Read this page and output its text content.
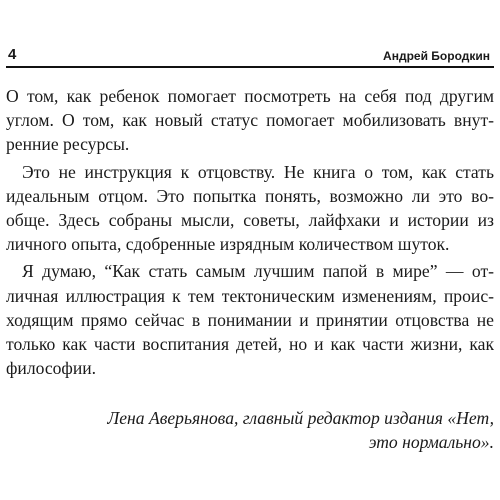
4	Андрей Бородкин
О том, как ребенок помогает посмотреть на себя под другим
углом. О том, как новый статус помогает мобилизовать внут-
ренние ресурсы.
Это не инструкция к отцовству. Не книга о том, как стать
идеальным отцом. Это попытка понять, возможно ли это во-
обще. Здесь собраны мысли, советы, лайфхаки и истории из
личного опыта, сдобренные изрядным количеством шуток.
Я думаю, “Как стать самым лучшим папой в мире” — от-
личная иллюстрация к тем тектоническим изменениям, проис-
ходящим прямо сейчас в понимании и принятии отцовства не
только как части воспитания детей, но и как части жизни, как
философии.
Лена Аверьянова, главный редактор издания «Нет,
это нормально».
